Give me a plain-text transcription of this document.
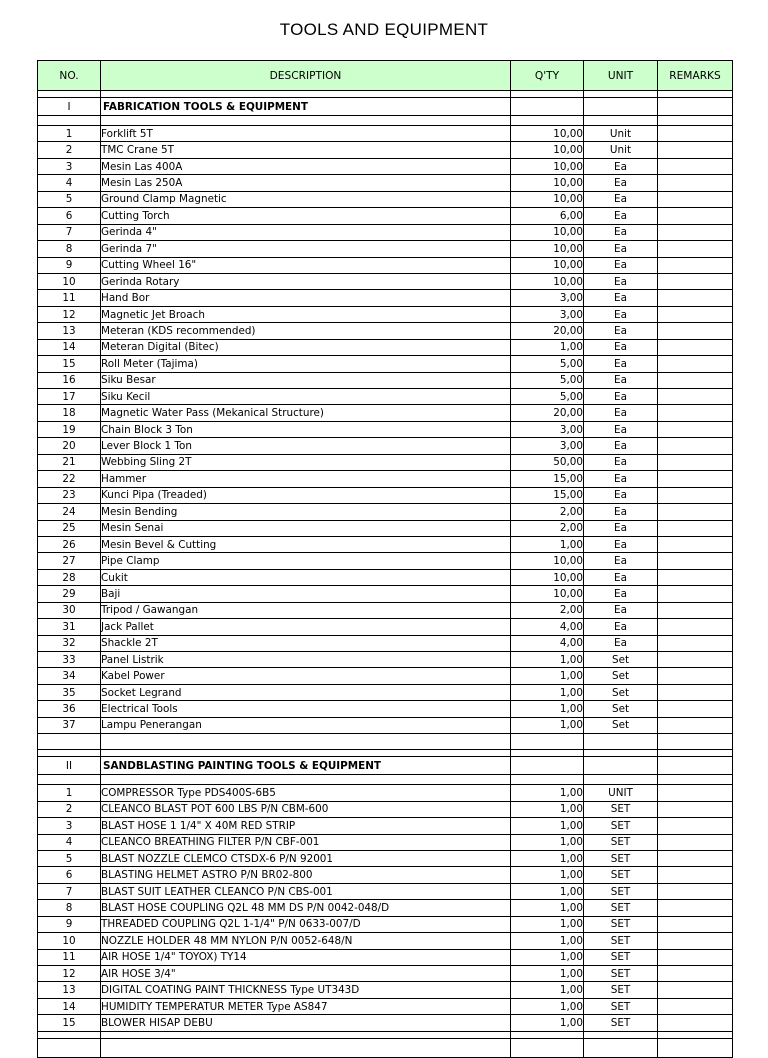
TOOLS AND EQUIPMENT
NO.	DESCRIPTION	Q'TY	UNIT	REMARKS

I	FABRICATION TOOLS & EQUIPMENT			

1	Forklift 5T	10,00	Unit	
2	TMC Crane 5T	10,00	Unit	
3	Mesin Las 400A	10,00	Ea	
4	Mesin Las 250A	10,00	Ea	
5	Ground Clamp Magnetic	10,00	Ea	
6	Cutting Torch	6,00	Ea	
7	Gerinda 4"	10,00	Ea	
8	Gerinda 7"	10,00	Ea	
9	Cutting Wheel 16"	10,00	Ea	
10	Gerinda Rotary	10,00	Ea	
11	Hand Bor	3,00	Ea	
12	Magnetic Jet Broach	3,00	Ea	
13	Meteran (KDS recommended)	20,00	Ea	
14	Meteran Digital (Bitec)	1,00	Ea	
15	Roll Meter (Tajima)	5,00	Ea	
16	Siku Besar	5,00	Ea	
17	Siku Kecil	5,00	Ea	
18	Magnetic Water Pass (Mekanical Structure)	20,00	Ea	
19	Chain Block 3 Ton	3,00	Ea	
20	Lever Block 1 Ton	3,00	Ea	
21	Webbing Sling 2T	50,00	Ea	
22	Hammer	15,00	Ea	
23	Kunci Pipa (Treaded)	15,00	Ea	
24	Mesin Bending	2,00	Ea	
25	Mesin Senai	2,00	Ea	
26	Mesin Bevel & Cutting	1,00	Ea	
27	Pipe Clamp	10,00	Ea	
28	Cukit	10,00	Ea	
29	Baji	10,00	Ea	
30	Tripod / Gawangan	2,00	Ea	
31	Jack Pallet	4,00	Ea	
32	Shackle 2T	4,00	Ea	
33	Panel Listrik	1,00	Set	
34	Kabel Power	1,00	Set	
35	Socket Legrand	1,00	Set	
36	Electrical Tools	1,00	Set	
37	Lampu Penerangan	1,00	Set	

II	SANDBLASTING PAINTING TOOLS & EQUIPMENT			

1	COMPRESSOR Type PDS400S-6B5	1,00	UNIT	
2	CLEANCO BLAST POT 600 LBS P/N CBM-600	1,00	SET	
3	BLAST HOSE 1 1/4" X 40M RED STRIP	1,00	SET	
4	CLEANCO BREATHING FILTER P/N CBF-001	1,00	SET	
5	BLAST NOZZLE CLEMCO CTSDX-6 P/N 92001	1,00	SET	
6	BLASTING HELMET ASTRO P/N BR02-800	1,00	SET	
7	BLAST SUIT LEATHER CLEANCO P/N CBS-001	1,00	SET	
8	BLAST HOSE COUPLING Q2L 48 MM DS P/N 0042-048/D	1,00	SET	
9	THREADED COUPLING Q2L 1-1/4" P/N 0633-007/D	1,00	SET	
10	NOZZLE HOLDER 48 MM NYLON P/N 0052-648/N	1,00	SET	
11	AIR HOSE 1/4" TOYOX) TY14	1,00	SET	
12	AIR HOSE 3/4"	1,00	SET	
13	DIGITAL COATING PAINT THICKNESS Type UT343D	1,00	SET	
14	HUMIDITY TEMPERATUR METER Type AS847	1,00	SET	
15	BLOWER HISAP DEBU	1,00	SET	
